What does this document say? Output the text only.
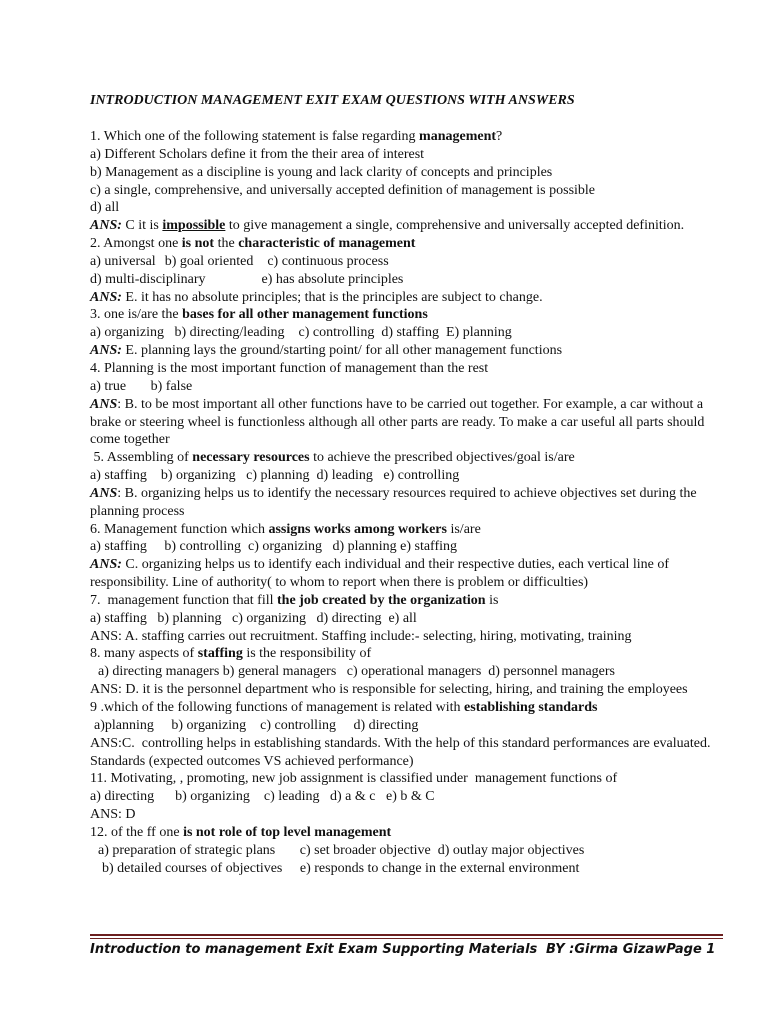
INTRODUCTION MANAGEMENT EXIT EXAM QUESTIONS WITH ANSWERS
1. Which one of the following statement is false regarding management?
a) Different Scholars define it from the their area of interest
b) Management as a discipline is young and lack clarity of concepts and principles
c) a single, comprehensive, and universally accepted definition of management is possible
d) all
ANS: C it is impossible to give management a single, comprehensive and universally accepted definition.
2. Amongst one is not the characteristic of management
a) universal b) goal oriented c) continuous process
d) multi-disciplinary	e) has absolute principles
ANS: E. it has no absolute principles; that is the principles are subject to change.
3. one is/are the bases for all other management functions
a) organizing   b) directing/leading    c) controlling  d) staffing  E) planning
ANS: E. planning lays the ground/starting point/ for all other management functions
4. Planning is the most important function of management than the rest
a) true       b) false
ANS: B. to be most important all other functions have to be carried out together. For example, a car without a brake or steering wheel is functionless although all other parts are ready. To make a car useful all parts should come together
5. Assembling of necessary resources to achieve the prescribed objectives/goal is/are
a) staffing    b) organizing   c) planning  d) leading   e) controlling
ANS: B. organizing helps us to identify the necessary resources required to achieve objectives set during the planning process
6. Management function which assigns works among workers is/are
a) staffing     b) controlling  c) organizing   d) planning e) staffing
ANS: C. organizing helps us to identify each individual and their respective duties, each vertical line of responsibility. Line of authority( to whom to report when there is problem or difficulties)
7.  management function that fill the job created by the organization is
a) staffing   b) planning   c) organizing   d) directing  e) all
ANS: A. staffing carries out recruitment. Staffing include:- selecting, hiring, motivating, training
8. many aspects of staffing is the responsibility of
a) directing managers b) general managers   c) operational managers  d) personnel managers
ANS: D. it is the personnel department who is responsible for selecting, hiring, and training the employees
9 .which of the following functions of management is related with establishing standards
a)planning     b) organizing    c) controlling     d) directing
ANS:C.  controlling helps in establishing standards. With the help of this standard performances are evaluated. Standards (expected outcomes VS achieved performance)
11. Motivating, , promoting, new job assignment is classified under  management functions of
a) directing      b) organizing    c) leading   d) a & c   e) b & C
ANS: D
12. of the ff one is not role of top level management
a) preparation of strategic plans       c) set broader objective  d) outlay major objectives
b) detailed courses of objectives     e) responds to change in the external environment
Introduction to management Exit Exam Supporting Materials BY :Girma GizawPage 1
